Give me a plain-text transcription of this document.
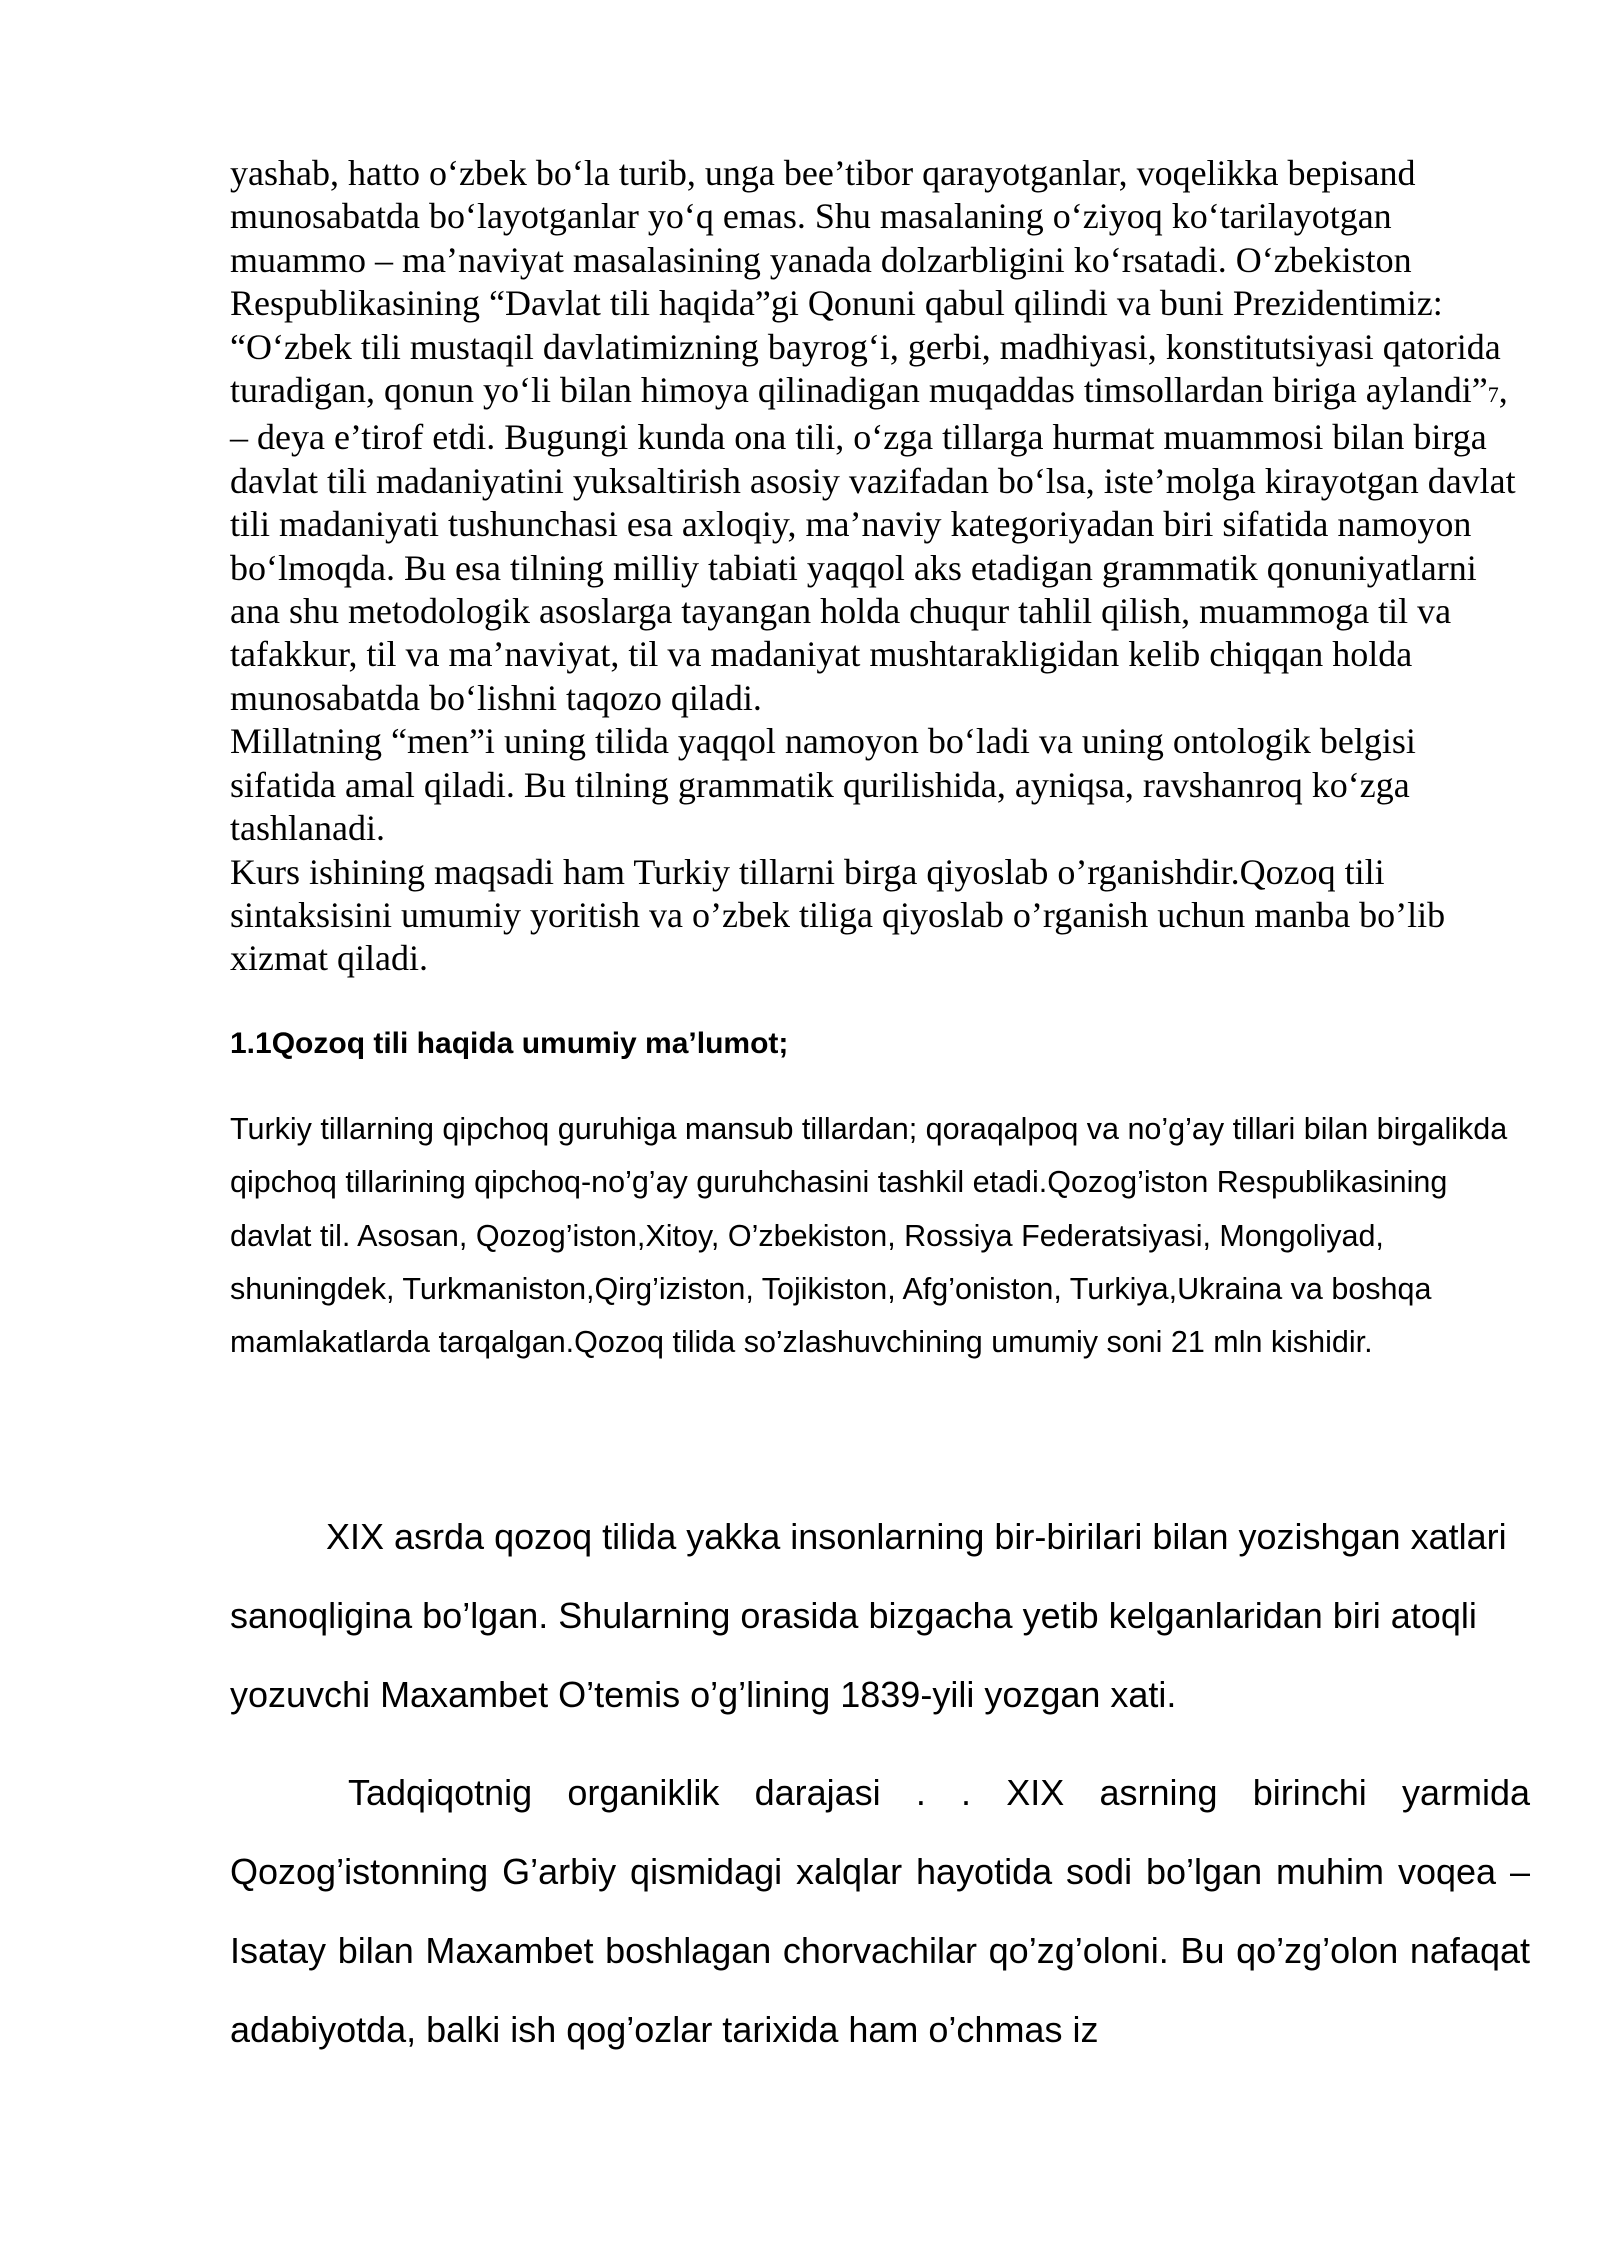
yashab, hatto o‘zbek bo‘la turib, unga bee’tibor qarayotganlar, voqelikka bepisand munosabatda bo‘layotganlar yo‘q emas. Shu masalaning o‘ziyoq ko‘tarilayotgan muammo – ma’naviyat masalasining yanada dolzarbligini ko‘rsatadi. O‘zbekiston Respublikasining “Davlat tili haqida”gi Qonuni qabul qilindi va buni Prezidentimiz: “O‘zbek tili mustaqil davlatimizning bayrog‘i, gerbi, madhiyasi, konstitutsiyasi qatorida turadigan, qonun yo‘li bilan himoya qilinadigan muqaddas timsollardan biriga aylandi”7, – deya e’tirof etdi. Bugungi kunda ona tili, o‘zga tillarga hurmat muammosi bilan birga davlat tili madaniyatini yuksaltirish asosiy vazifadan bo‘lsa, iste’molga kirayotgan davlat tili madaniyati tushunchasi esa axloqiy, ma’naviy kategoriyadan biri sifatida namoyon bo‘lmoqda. Bu esa tilning milliy tabiati yaqqol aks etadigan grammatik qonuniyatlarni ana shu metodologik asoslarga tayangan holda chuqur tahlil qilish, muammoga til va tafakkur, til va ma’naviyat, til va madaniyat mushtarakligidan kelib chiqqan holda munosabatda bo‘lishni taqozo qiladi.

Millatning “men”i uning tilida yaqqol namoyon bo‘ladi va uning ontologik belgisi sifatida amal qiladi. Bu tilning grammatik qurilishida, ayniqsa, ravshanroq ko‘zga tashlanadi.

Kurs ishining maqsadi ham Turkiy tillarni birga qiyoslab o’rganishdir.Qozoq tili sintaksisini umumiy yoritish va o’zbek tiliga qiyoslab o’rganish uchun manba bo’lib xizmat qiladi.

1.1Qozoq tili haqida umumiy ma’lumot;

Turkiy tillarning qipchoq guruhiga mansub tillardan; qoraqalpoq va no’g’ay tillari bilan birgalikda qipchoq tillarining qipchoq-no’g’ay guruhchasini tashkil etadi.Qozog’iston Respublikasining davlat til. Asosan, Qozog’iston,Xitoy, O’zbekiston, Rossiya Federatsiyasi, Mongoliyad, shuningdek, Turkmaniston,Qirg’iziston, Tojikiston, Afg’oniston, Turkiya,Ukraina va boshqa mamlakatlarda tarqalgan.Qozoq tilida so’zlashuvchining umumiy soni 21 mln kishidir.

XIX asrda qozoq tilida yakka insonlarning bir-birilari bilan yozishgan xatlari sanoqligina bo’lgan. Shularning orasida bizgacha yetib kelganlaridan biri atoqli yozuvchi Maxambet O’temis o’g’lining 1839-yili yozgan xati.

Tadqiqotnig organiklik darajasi . . XIX asrning birinchi yarmida Qozog’istonning G’arbiy qismidagi xalqlar hayotida sodi bo’lgan muhim voqea – Isatay bilan Maxambet boshlagan chorvachilar qo’zg’oloni. Bu qo’zg’olon nafaqat adabiyotda, balki ish qog’ozlar tarixida ham o’chmas iz
